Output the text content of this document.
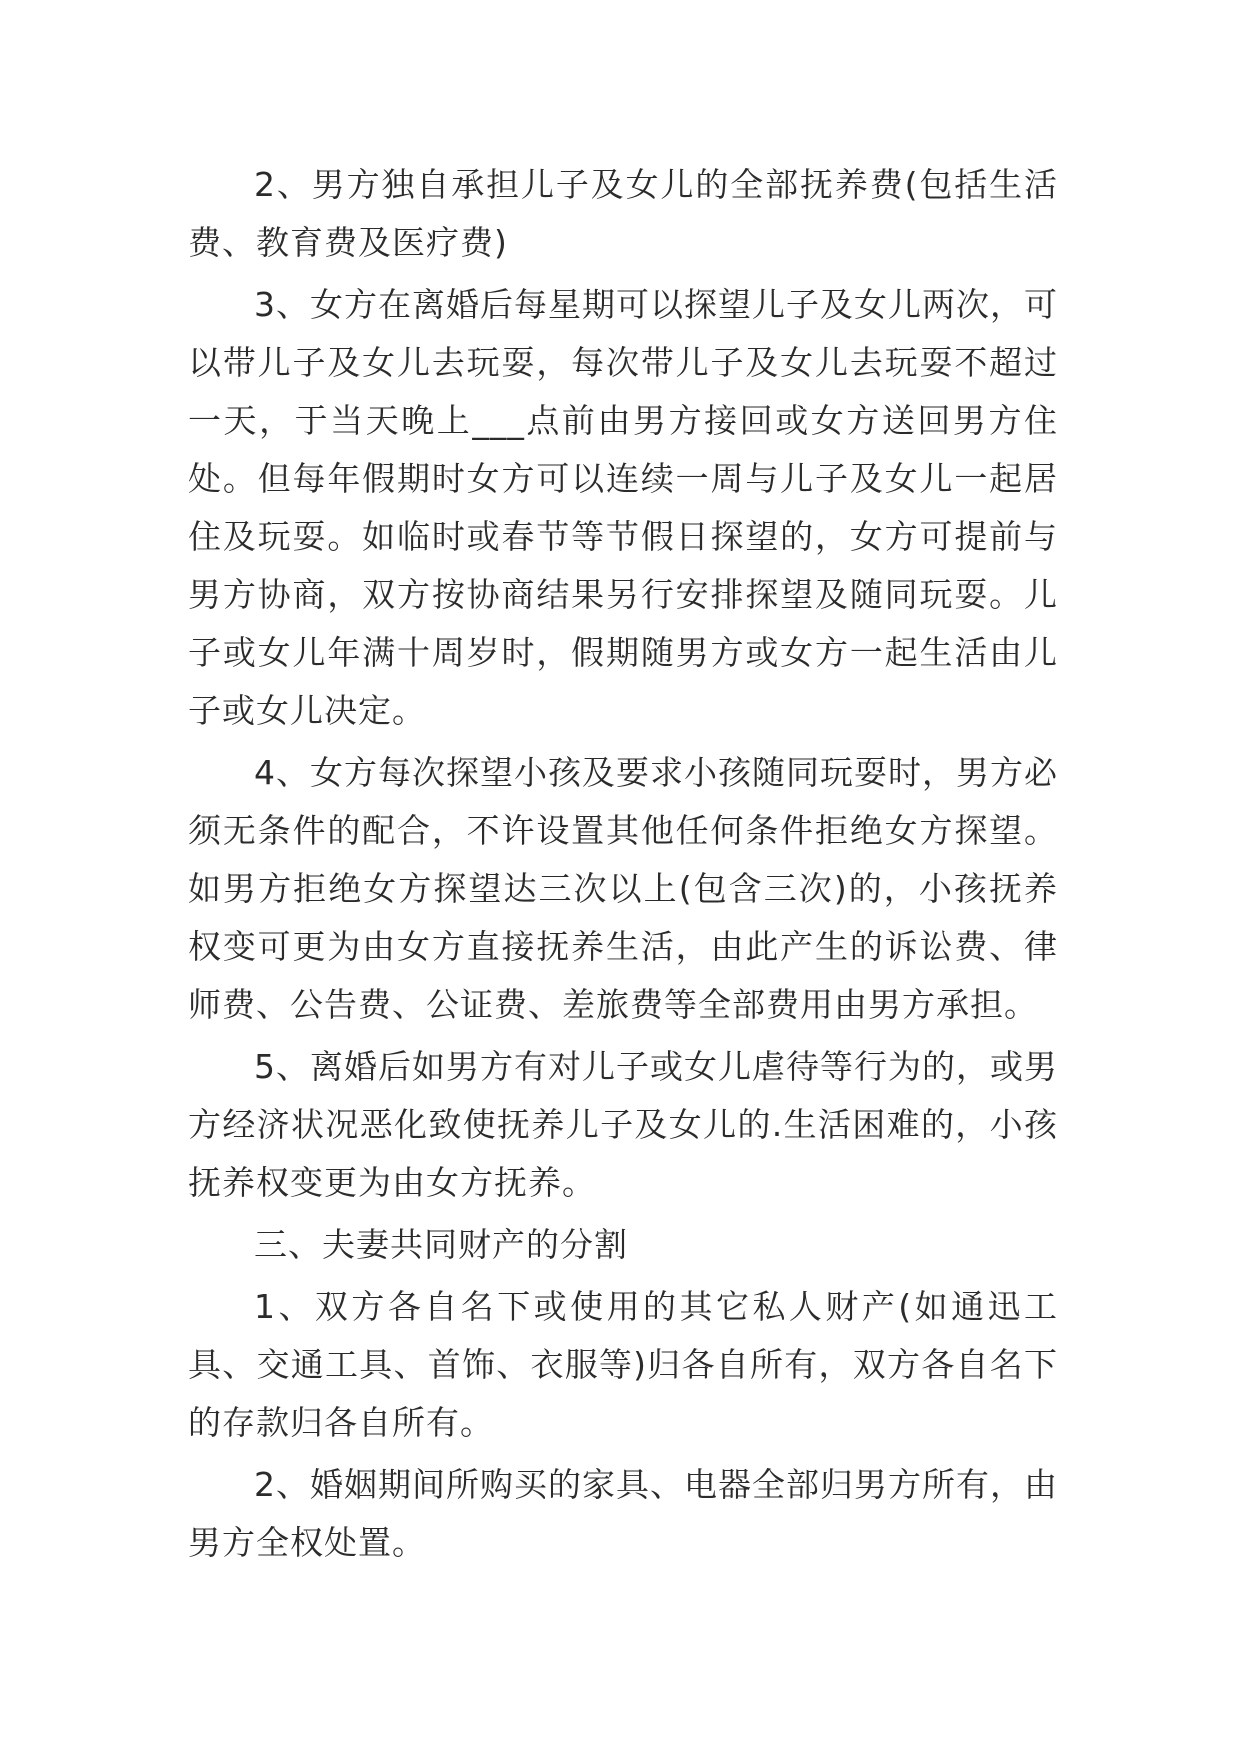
2、男方独自承担儿子及女儿的全部抚养费(包括生活费、教育费及医疗费)

3、女方在离婚后每星期可以探望儿子及女儿两次，可以带儿子及女儿去玩耍，每次带儿子及女儿去玩耍不超过一天，于当天晚上___点前由男方接回或女方送回男方住处。但每年假期时女方可以连续一周与儿子及女儿一起居住及玩耍。如临时或春节等节假日探望的，女方可提前与男方协商，双方按协商结果另行安排探望及随同玩耍。儿子或女儿年满十周岁时，假期随男方或女方一起生活由儿子或女儿决定。

4、女方每次探望小孩及要求小孩随同玩耍时，男方必须无条件的配合，不许设置其他任何条件拒绝女方探望。如男方拒绝女方探望达三次以上(包含三次)的，小孩抚养权变可更为由女方直接抚养生活，由此产生的诉讼费、律师费、公告费、公证费、差旅费等全部费用由男方承担。

5、离婚后如男方有对儿子或女儿虐待等行为的，或男方经济状况恶化致使抚养儿子及女儿的.生活困难的，小孩抚养权变更为由女方抚养。

三、夫妻共同财产的分割

1、双方各自名下或使用的其它私人财产(如通迅工具、交通工具、首饰、衣服等)归各自所有，双方各自名下的存款归各自所有。

2、婚姻期间所购买的家具、电器全部归男方所有，由男方全权处置。
